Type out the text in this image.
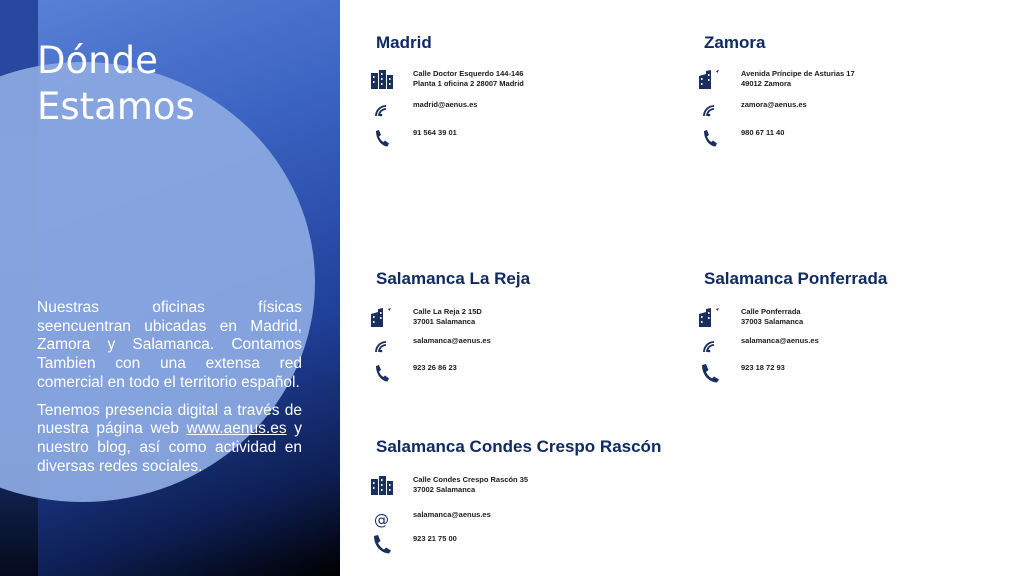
Dónde
Estamos

Nuestras oficinas físicas seencuentran ubicadas en Madrid, Zamora y Salamanca. Contamos Tambien con una extensa red comercial en todo el territorio español.

Tenemos presencia digital a través de nuestra página web www.aenus.es y nuestro blog, así como actividad en diversas redes sociales.

Madrid
Calle Doctor Esquerdo 144-146
Planta 1 oficina 2 28007 Madrid
madrid@aenus.es
91 564 39 01
Zamora
Avenida Príncipe de Asturias 17
49012 Zamora
zamora@aenus.es
980 67 11 40
Salamanca La Reja
Calle La Reja 2 15D
37001 Salamanca
salamanca@aenus.es
923 26 86 23
Salamanca Ponferrada
Calle Ponferrada
37003 Salamanca
salamanca@aenus.es
923 18 72 93
Salamanca Condes Crespo Rascón
Calle Condes Crespo Rascón 35
37002 Salamanca
@	salamanca@aenus.es
923 21 75 00
